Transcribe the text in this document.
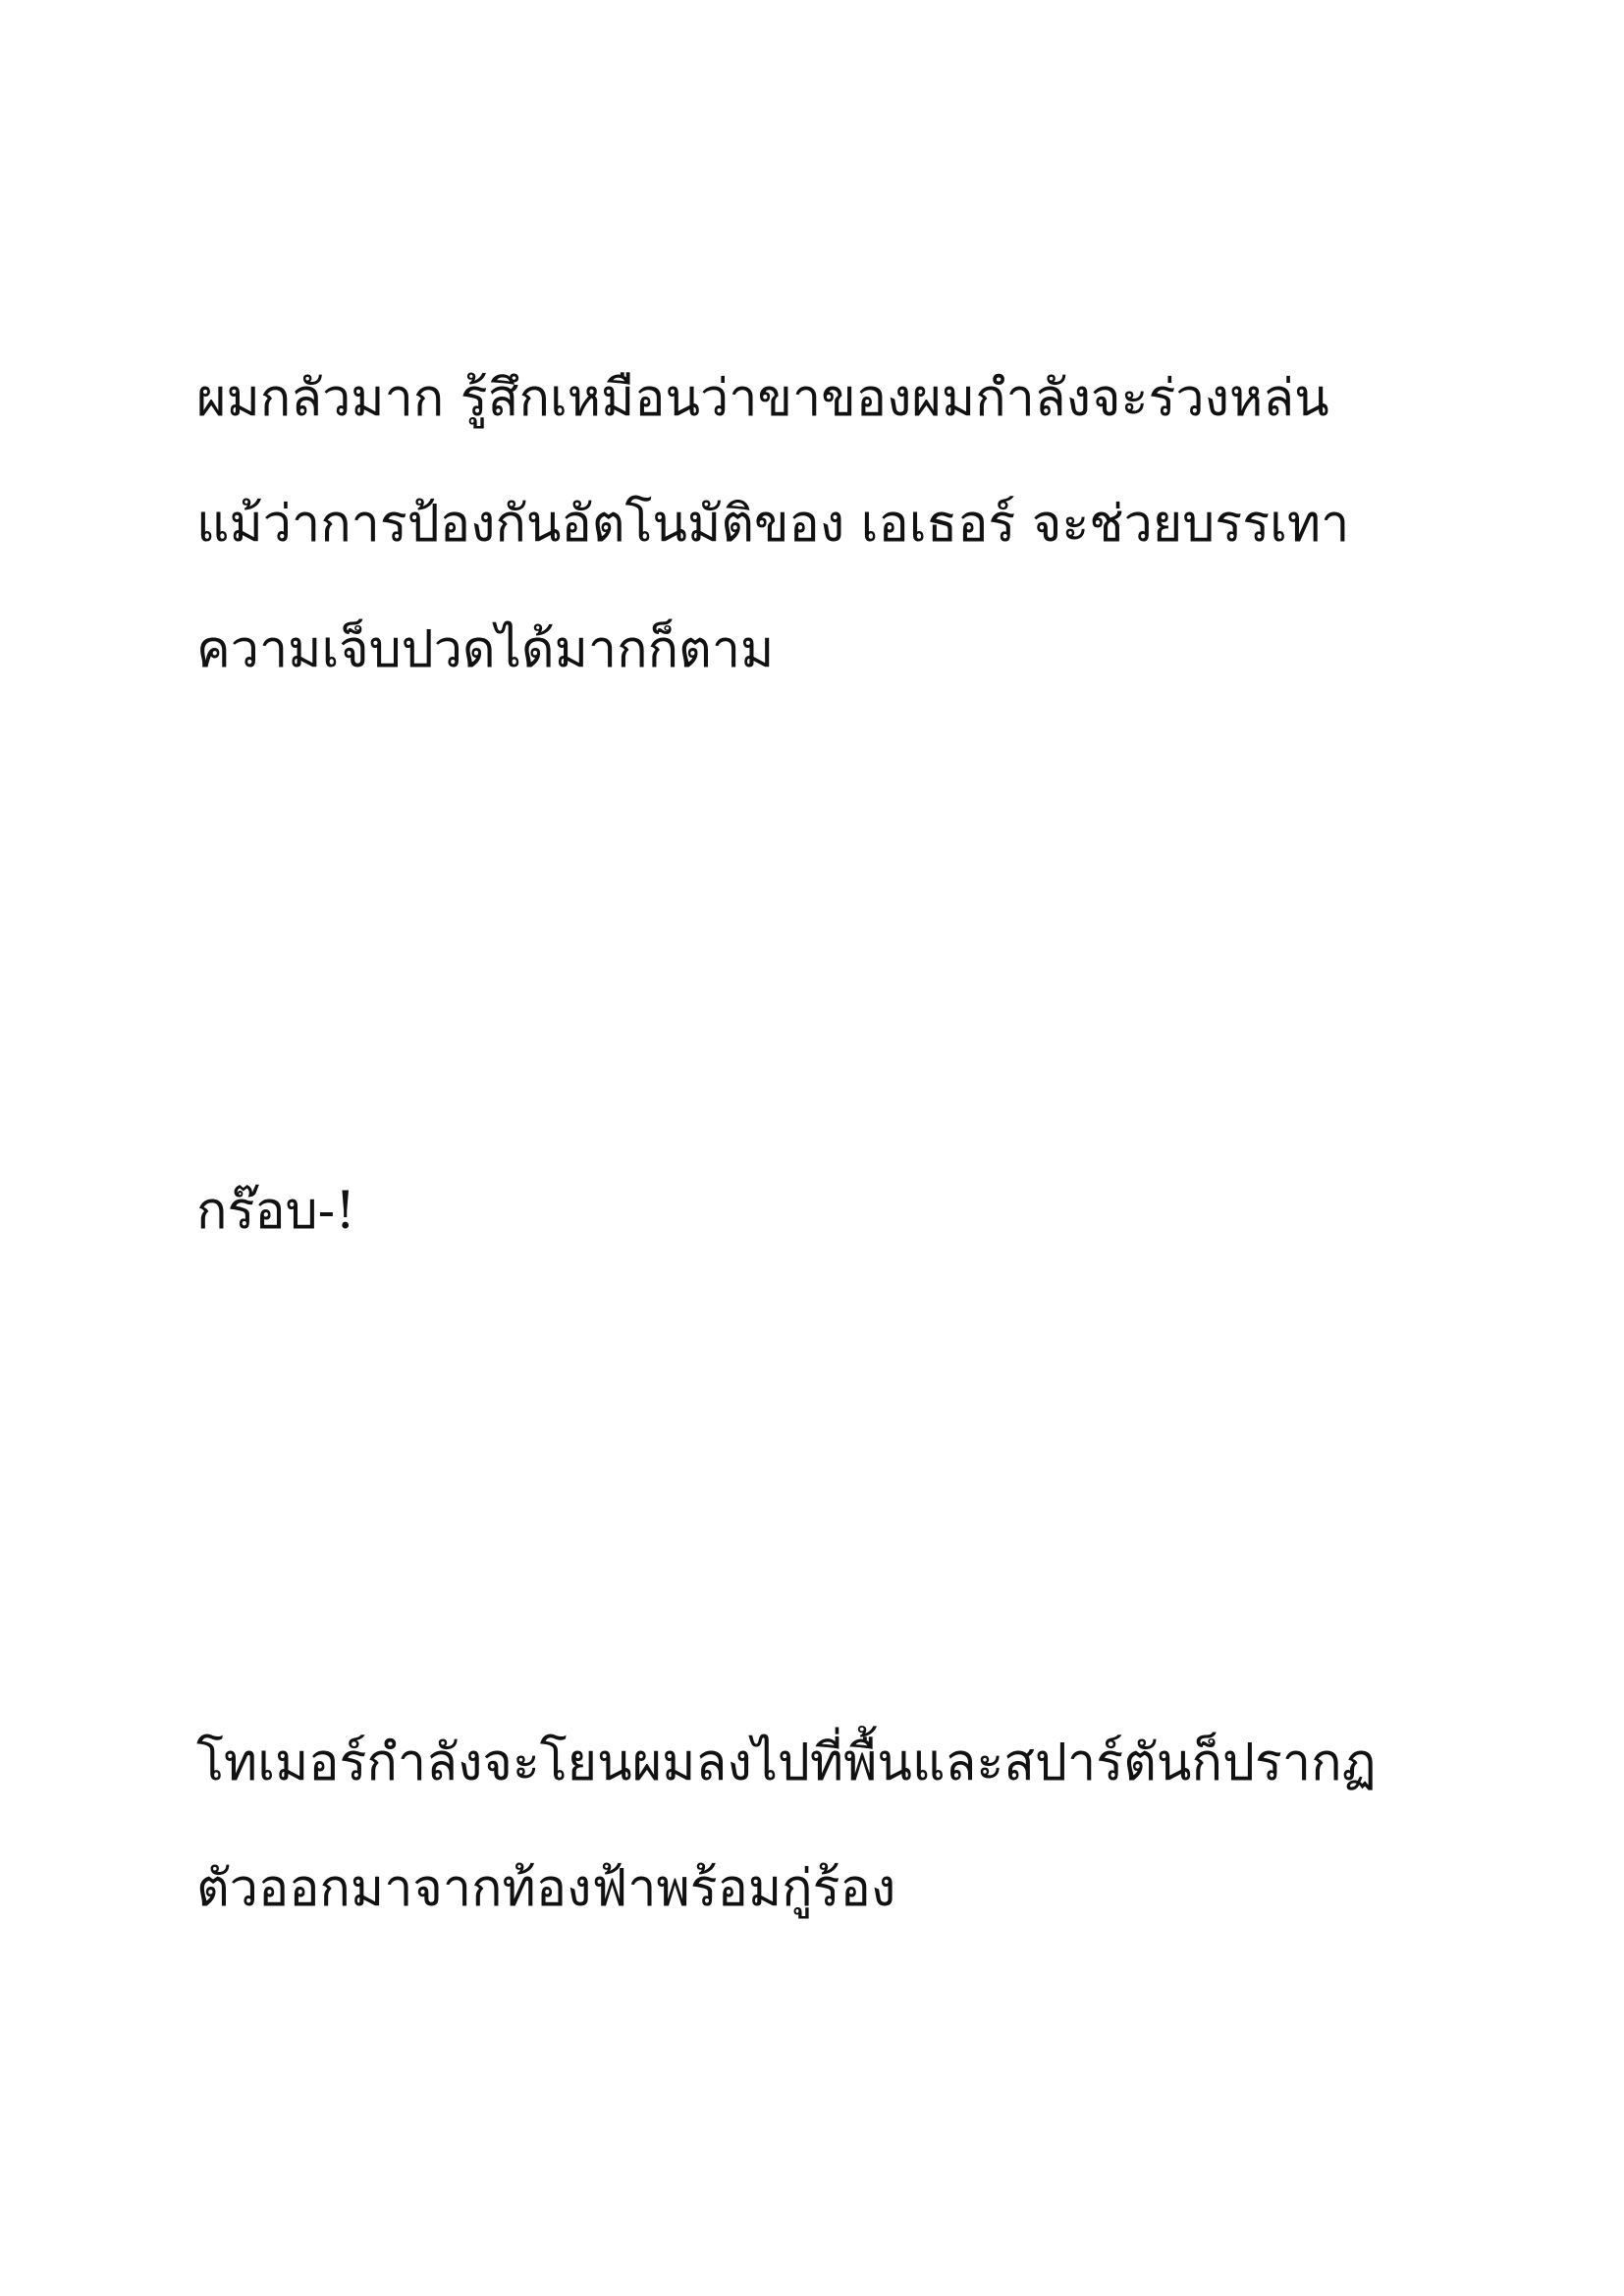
ผมกลัวมาก รู้สึกเหมือนว่าขาของผมกำลังจะร่วงหล่น
แม้ว่าการป้องกันอัตโนมัติของ เอเธอร์ จะช่วยบรรเทา
ความเจ็บปวดได้มากก็ตาม

กร๊อบ-!

โทเมอร์กำลังจะโยนผมลงไปที่พื้นและสปาร์ตันก็ปรากฏ
ตัวออกมาจากท้องฟ้าพร้อมกู่ร้อง
